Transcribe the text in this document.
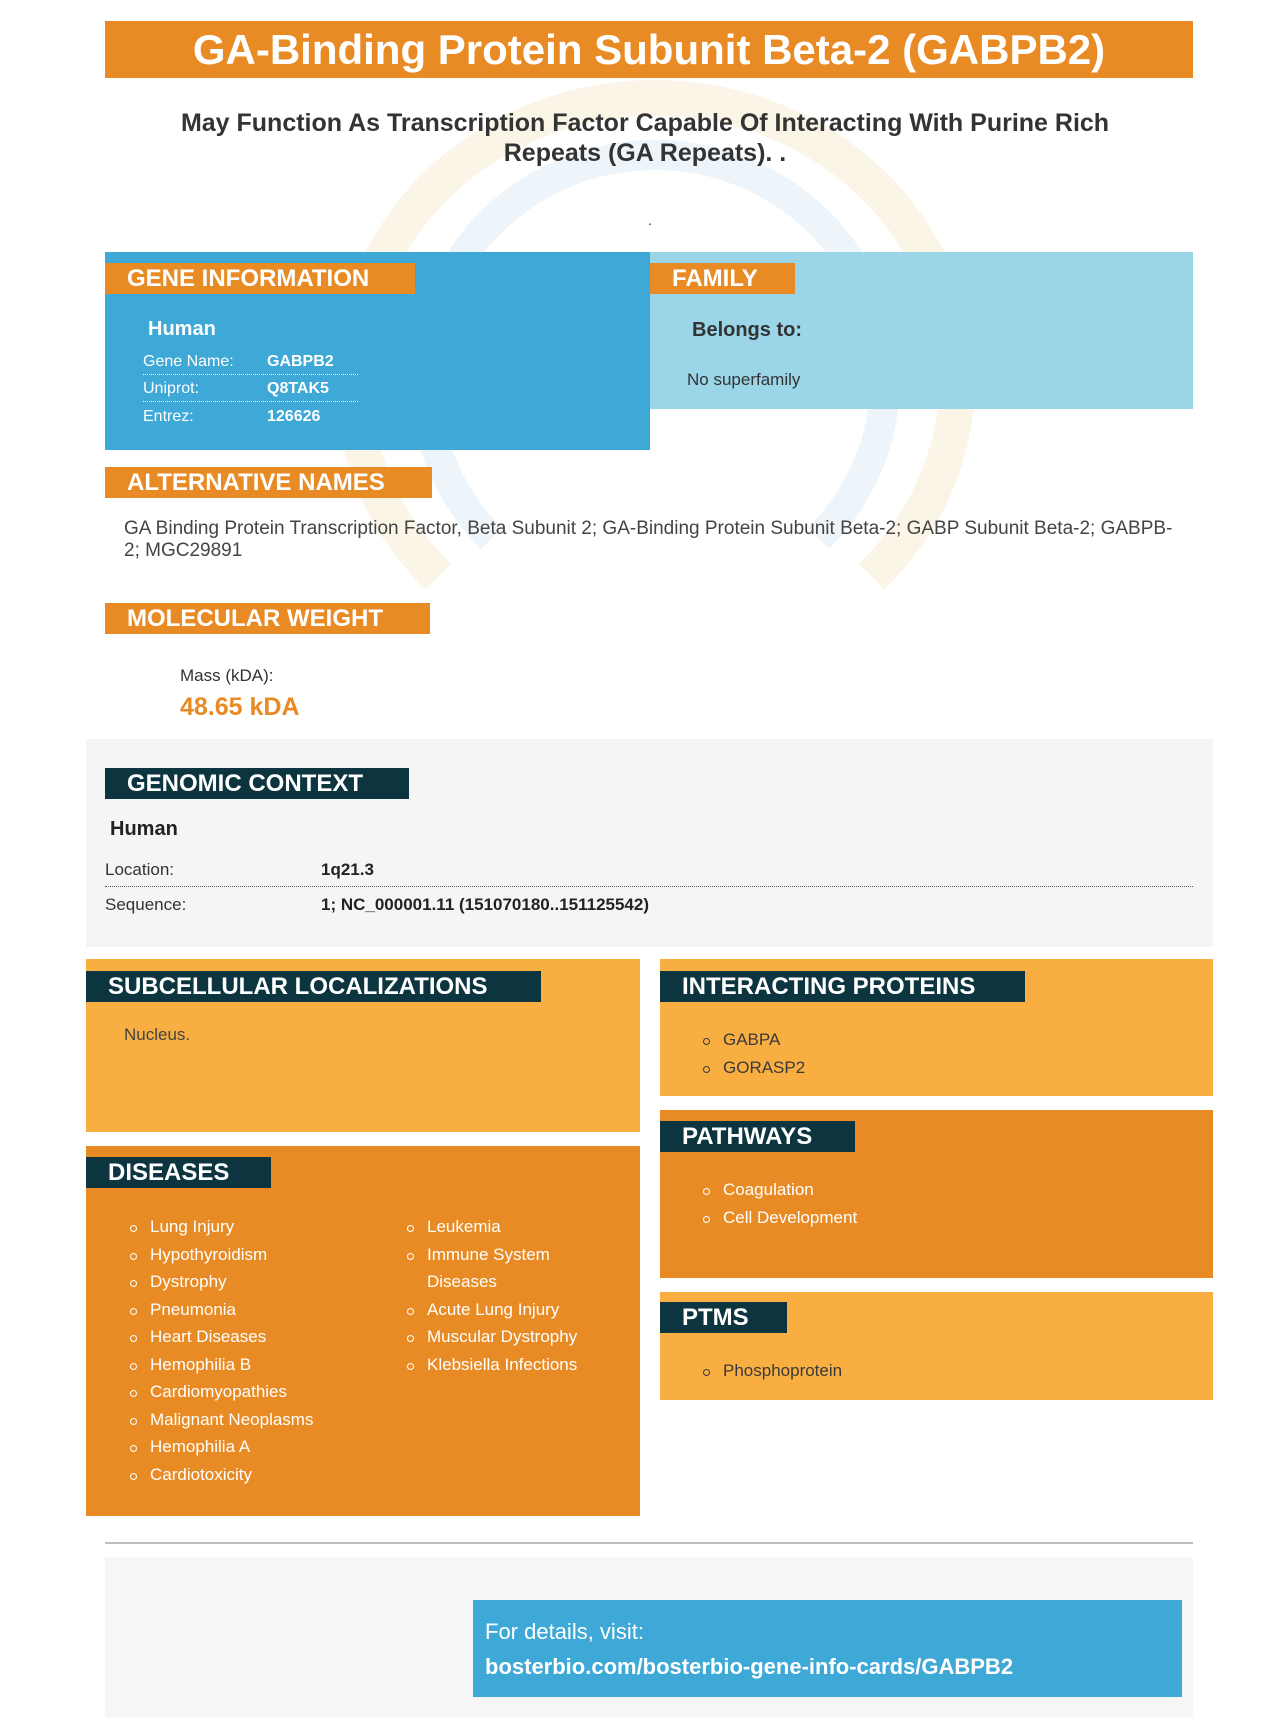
GA-Binding Protein Subunit Beta-2 (GABPB2)
May Function As Transcription Factor Capable Of Interacting With Purine Rich Repeats (GA Repeats). .
.
GENE INFORMATION
Human
Gene Name: GABPB2
Uniprot:	Q8TAK5
Entrez:	126626
FAMILY
Belongs to:
No superfamily
ALTERNATIVE NAMES
GA Binding Protein Transcription Factor, Beta Subunit 2; GA-Binding Protein Subunit Beta-2; GABP Subunit Beta-2; GABPB-2; MGC29891
MOLECULAR WEIGHT
Mass (kDA):
48.65 kDA
GENOMIC CONTEXT
Human
Location:	1q21.3
Sequence:	1; NC_000001.11 (151070180..151125542)
SUBCELLULAR LOCALIZATIONS
Nucleus.
INTERACTING PROTEINS
GABPA
GORASP2
DISEASES
Lung Injury
Hypothyroidism
Dystrophy
Pneumonia
Heart Diseases
Hemophilia B
Cardiomyopathies
Malignant Neoplasms
Hemophilia A
Cardiotoxicity
Leukemia
Immune System Diseases
Acute Lung Injury
Muscular Dystrophy
Klebsiella Infections
PATHWAYS
Coagulation
Cell Development
PTMS
Phosphoprotein
For details, visit:
bosterbio.com/bosterbio-gene-info-cards/GABPB2
